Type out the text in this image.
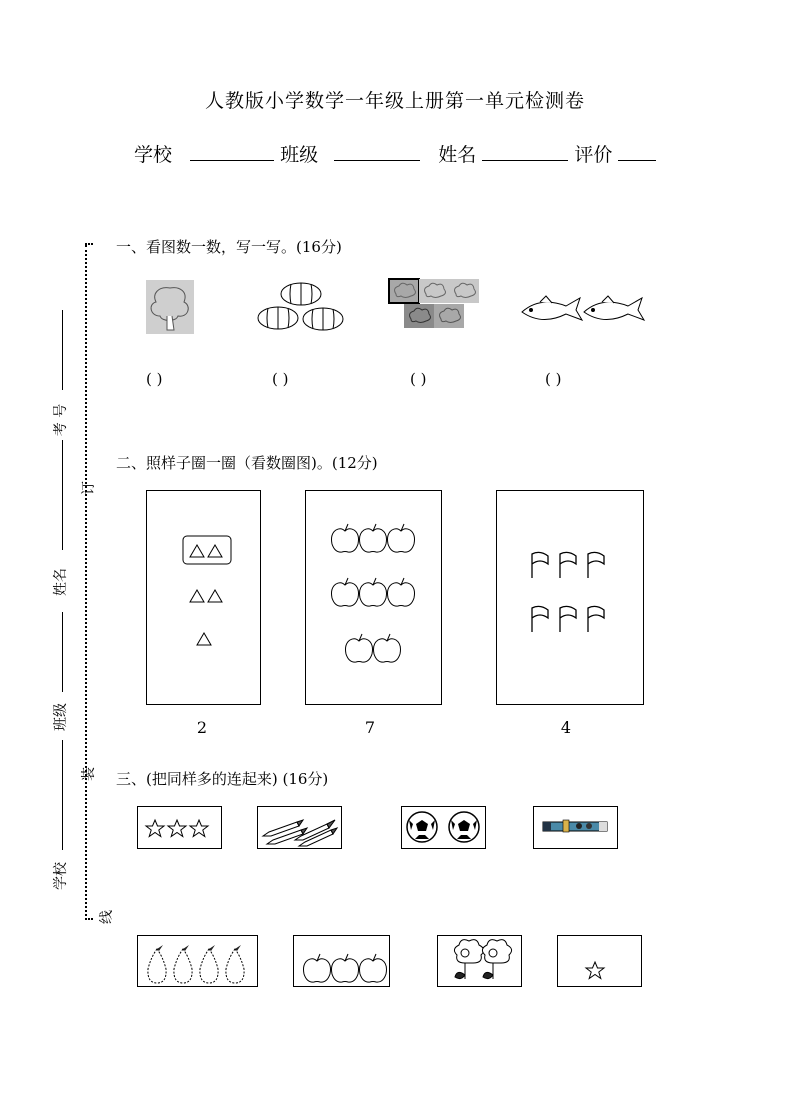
人教版小学数学一年级上册第一单元检测卷
学校	班级	姓名	评价
考 号
姓名
班级
学校
订
装
线
一、看图数一数，写一写。(16分)
( )	( )	( )	( )
二、照样子圈一圈（看数圈图)。(12分)
2	7	4
三、(把同样多的连起来) (16分)
